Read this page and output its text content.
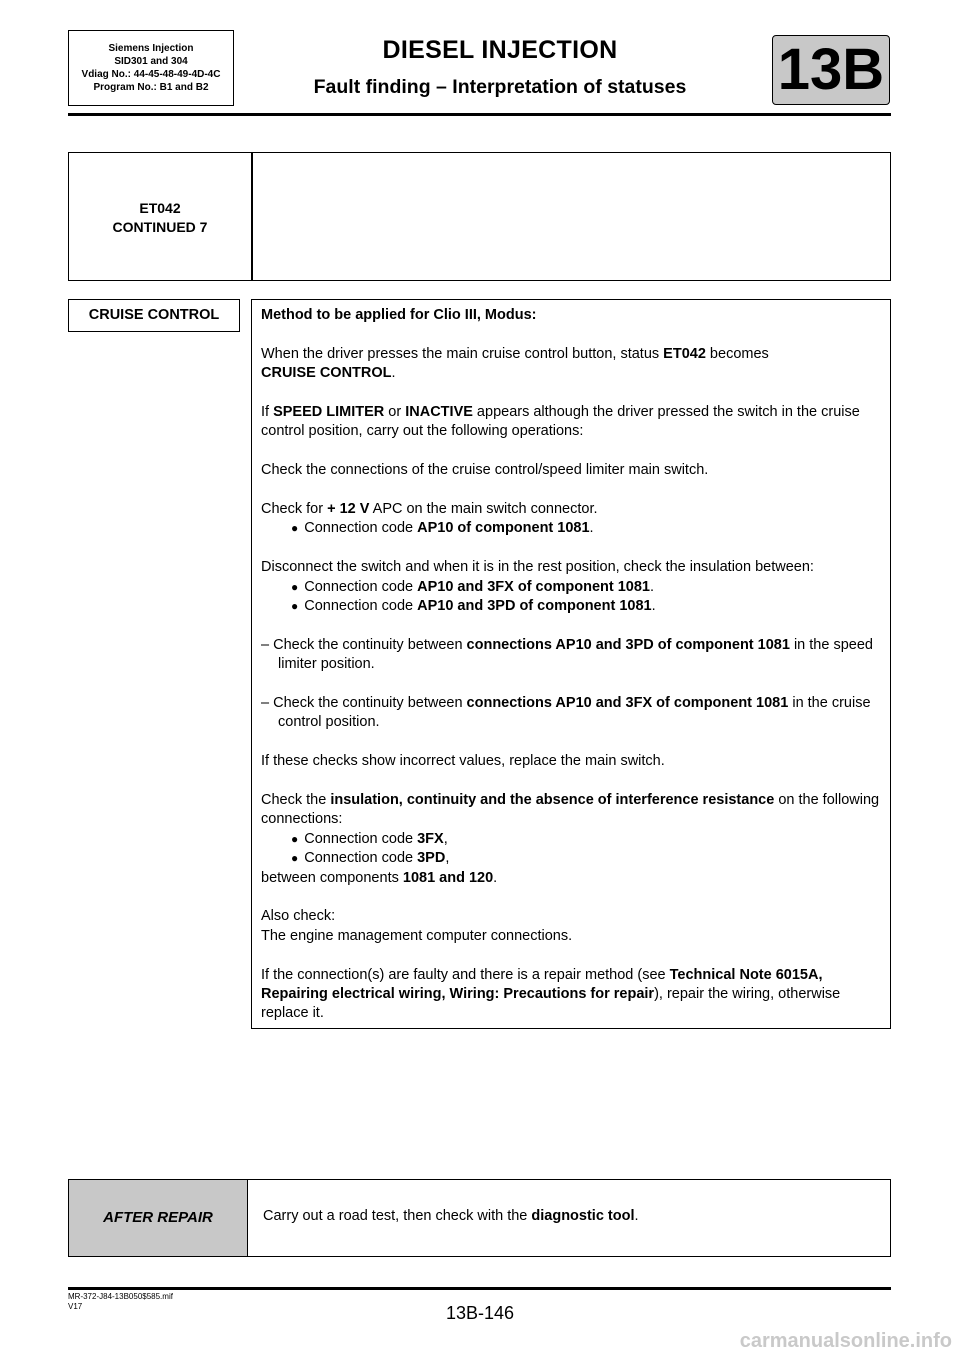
Siemens Injection
SID301 and 304
Vdiag No.: 44-45-48-49-4D-4C
Program No.: B1 and B2
DIESEL INJECTION
Fault finding – Interpretation of statuses	13B
ET042
CONTINUED 7
CRUISE CONTROL	Method to be applied for Clio III, Modus:

When the driver presses the main cruise control button, status ET042 becomes
CRUISE CONTROL.

If SPEED LIMITER or INACTIVE appears although the driver pressed the switch in the cruise control position, carry out the following operations:

Check the connections of the cruise control/speed limiter main switch.

Check for + 12 V APC on the main switch connector.

● Connection code AP10 of component 1081.

Disconnect the switch and when it is in the rest position, check the insulation between:

● Connection code AP10 and 3FX of component 1081.

● Connection code AP10 and 3PD of component 1081.

– Check the continuity between connections AP10 and 3PD of component 1081 in the speed limiter position.

– Check the continuity between connections AP10 and 3FX of component 1081 in the cruise control position.

If these checks show incorrect values, replace the main switch.

Check the insulation, continuity and the absence of interference resistance on the following connections:

● Connection code 3FX,

● Connection code 3PD,

between components 1081 and 120.

Also check:

The engine management computer connections.

If the connection(s) are faulty and there is a repair method (see Technical Note 6015A, Repairing electrical wiring, Wiring: Precautions for repair), repair the wiring, otherwise replace it.

AFTER REPAIR	Carry out a road test, then check with the diagnostic tool.
MR-372-J84-13B050$585.mif
V17	13B-146
carmanualsonline.info
